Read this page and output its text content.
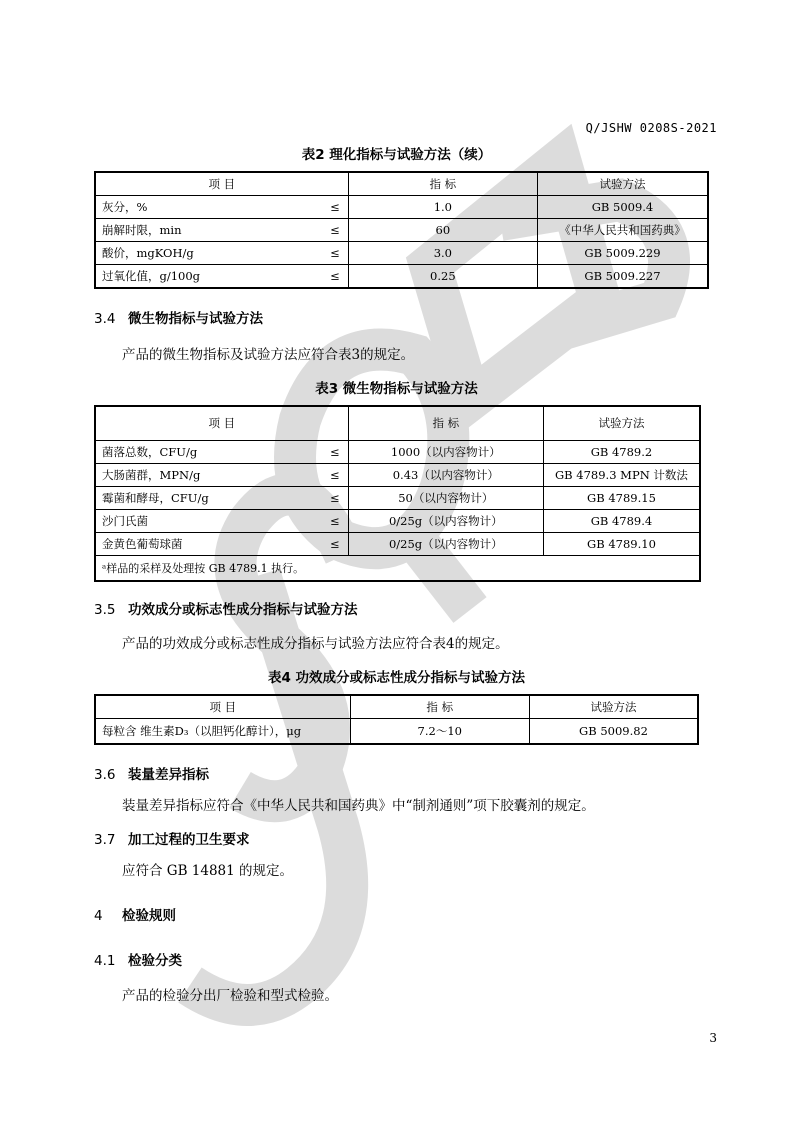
Q/JSHW 0208S-2021
表2 理化指标与试验方法（续）
项 目		指 标	试验方法
灰分，%	≤	1.0	GB 5009.4
崩解时限，min	≤	60	《中华人民共和国药典》
酸价，mgKOH/g	≤	3.0	GB 5009.229
过氧化值，g/100g	≤	0.25	GB 5009.227
3.4 微生物指标与试验方法
产品的微生物指标及试验方法应符合表3的规定。
表3 微生物指标与试验方法
项 目		指 标	试验方法
菌落总数，CFU/g	≤	1000（以内容物计）	GB 4789.2
大肠菌群，MPN/g	≤	0.43（以内容物计）	GB 4789.3 MPN 计数法
霉菌和酵母，CFU/g	≤	50（以内容物计）	GB 4789.15
沙门氏菌	≤	0/25g（以内容物计）	GB 4789.4
金黄色葡萄球菌	≤	0/25g（以内容物计）	GB 4789.10
ᵃ样品的采样及处理按 GB 4789.1 执行。			
3.5 功效成分或标志性成分指标与试验方法
产品的功效成分或标志性成分指标与试验方法应符合表4的规定。
表4 功效成分或标志性成分指标与试验方法
项 目	指 标	试验方法
每粒含 维生素D₃（以胆钙化醇计），μg	7.2～10	GB 5009.82
3.6 装量差异指标
装量差异指标应符合《中华人民共和国药典》中“制剂通则”项下胶囊剂的规定。
3.7 加工过程的卫生要求
应符合 GB 14881 的规定。
4 检验规则
4.1 检验分类
产品的检验分出厂检验和型式检验。
3
